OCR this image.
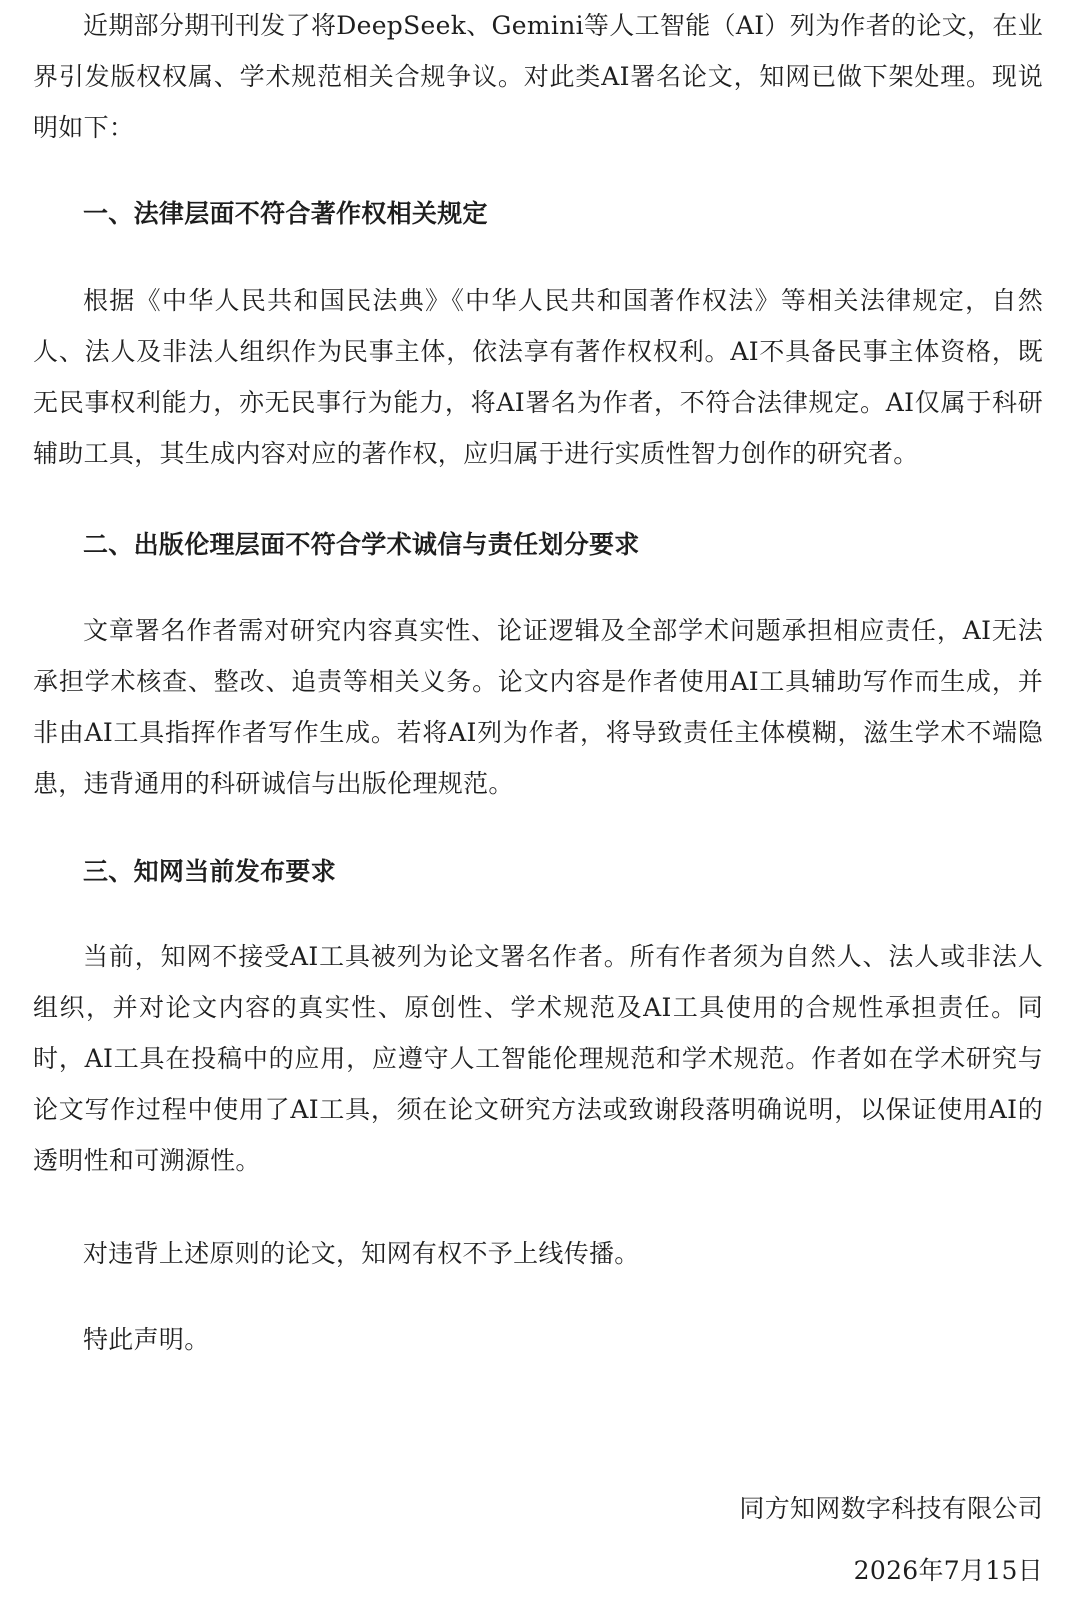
近期部分期刊刊发了将DeepSeek、Gemini等人工智能（AI）列为作者的论文，在业界引发版权权属、学术规范相关合规争议。对此类AI署名论文，知网已做下架处理。现说明如下：

一、法律层面不符合著作权相关规定

根据《中华人民共和国民法典》《中华人民共和国著作权法》等相关法律规定，自然人、法人及非法人组织作为民事主体，依法享有著作权权利。AI不具备民事主体资格，既无民事权利能力，亦无民事行为能力，将AI署名为作者，不符合法律规定。AI仅属于科研辅助工具，其生成内容对应的著作权，应归属于进行实质性智力创作的研究者。

二、出版伦理层面不符合学术诚信与责任划分要求

文章署名作者需对研究内容真实性、论证逻辑及全部学术问题承担相应责任，AI无法承担学术核查、整改、追责等相关义务。论文内容是作者使用AI工具辅助写作而生成，并非由AI工具指挥作者写作生成。若将AI列为作者，将导致责任主体模糊，滋生学术不端隐患，违背通用的科研诚信与出版伦理规范。

三、知网当前发布要求

当前，知网不接受AI工具被列为论文署名作者。所有作者须为自然人、法人或非法人组织，并对论文内容的真实性、原创性、学术规范及AI工具使用的合规性承担责任。同时，AI工具在投稿中的应用，应遵守人工智能伦理规范和学术规范。作者如在学术研究与论文写作过程中使用了AI工具，须在论文研究方法或致谢段落明确说明，以保证使用AI的透明性和可溯源性。

对违背上述原则的论文，知网有权不予上线传播。

特此声明。

同方知网数字科技有限公司
2026年7月15日
